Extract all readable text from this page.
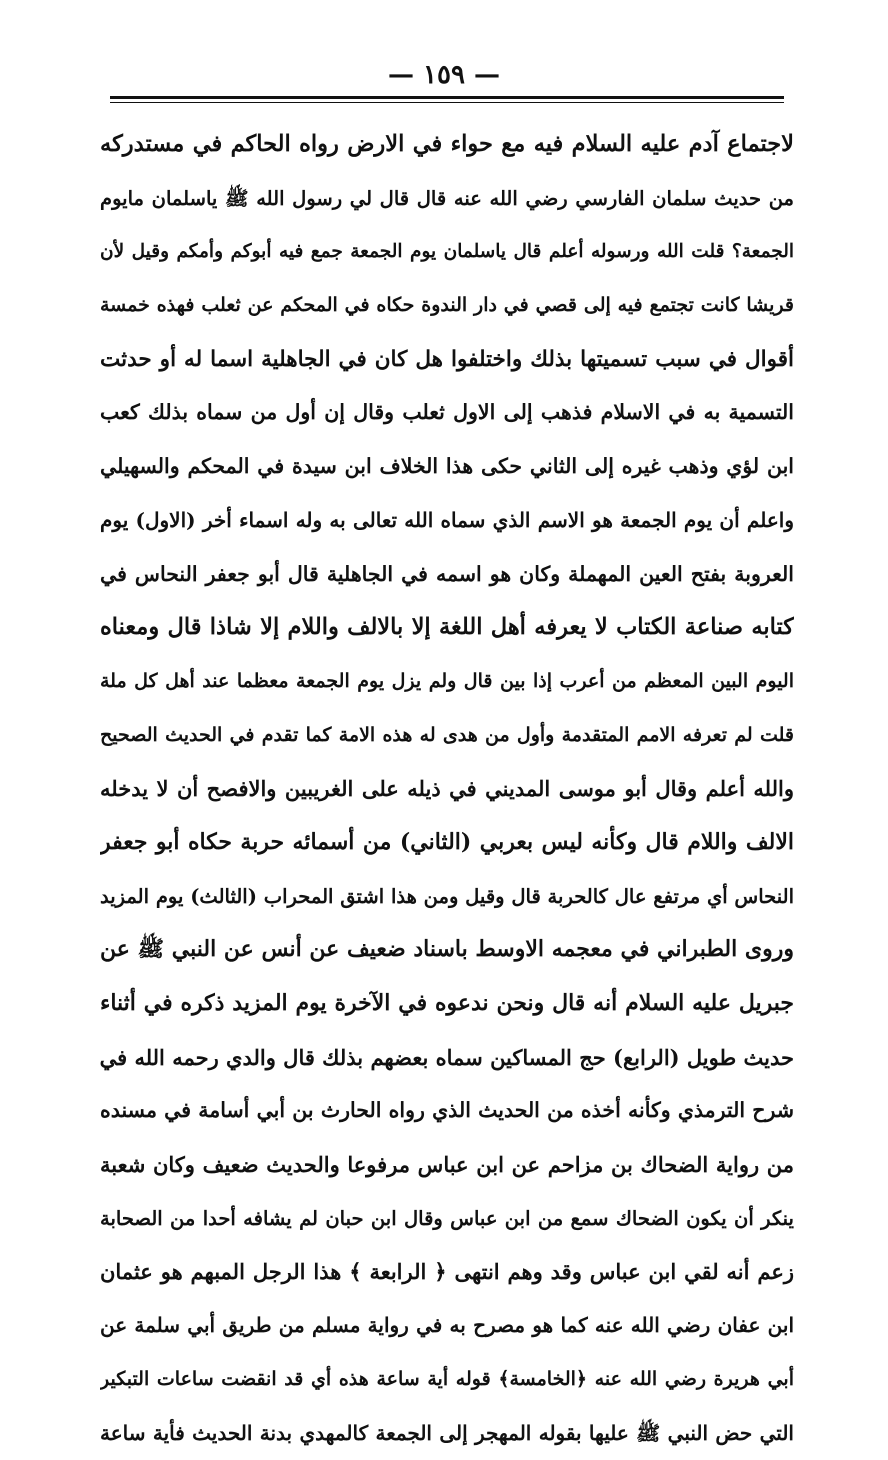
— ١٥٩ —
لاجتماع آدم عليه السلام فيه مع حواء في الارض رواه الحاكم في مستدركه
من حديث سلمان الفارسي رضي الله عنه قال قال لي رسول الله ﷺ ياسلمان مايوم
الجمعة؟ قلت الله ورسوله أعلم قال ياسلمان يوم الجمعة جمع فيه أبوكم وأمكم وقيل لأن
قريشا كانت تجتمع فيه إلى قصي في دار الندوة حكاه في المحكم عن ثعلب فهذه خمسة
أقوال في سبب تسميتها بذلك واختلفوا هل كان في الجاهلية اسما له أو حدثت
التسمية به في الاسلام فذهب إلى الاول ثعلب وقال إن أول من سماه بذلك كعب
ابن لؤي وذهب غيره إلى الثاني حكى هذا الخلاف ابن سيدة في المحكم والسهيلي
واعلم أن يوم الجمعة هو الاسم الذي سماه الله تعالى به وله اسماء أخر (الاول) يوم
العروبة بفتح العين المهملة وكان هو اسمه في الجاهلية قال أبو جعفر النحاس في
كتابه صناعة الكتاب لا يعرفه أهل اللغة إلا بالالف واللام إلا شاذا قال ومعناه
اليوم البين المعظم من أعرب إذا بين قال ولم يزل يوم الجمعة معظما عند أهل كل ملة
قلت لم تعرفه الامم المتقدمة وأول من هدى له هذه الامة كما تقدم في الحديث الصحيح
والله أعلم وقال أبو موسى المديني في ذيله على الغريبين والافصح أن لا يدخله
الالف واللام قال وكأنه ليس بعربي (الثاني) من أسمائه حربة حكاه أبو جعفر
النحاس أي مرتفع عال كالحربة قال وقيل ومن هذا اشتق المحراب (الثالث) يوم المزيد
وروى الطبراني في معجمه الاوسط باسناد ضعيف عن أنس عن النبي ﷺ عن
جبريل عليه السلام أنه قال ونحن ندعوه في الآخرة يوم المزيد ذكره في أثناء
حديث طويل (الرابع) حج المساكين سماه بعضهم بذلك قال والدي رحمه الله في
شرح الترمذي وكأنه أخذه من الحديث الذي رواه الحارث بن أبي أسامة في مسنده
من رواية الضحاك بن مزاحم عن ابن عباس مرفوعا والحديث ضعيف وكان شعبة
ينكر أن يكون الضحاك سمع من ابن عباس وقال ابن حبان لم يشافه أحدا من الصحابة
زعم أنه لقي ابن عباس وقد وهم انتهى ﴿ الرابعة ﴾ هذا الرجل المبهم هو عثمان
ابن عفان رضي الله عنه كما هو مصرح به في رواية مسلم من طريق أبي سلمة عن
أبي هريرة رضي الله عنه ﴿الخامسة﴾ قوله أية ساعة هذه أي قد انقضت ساعات التبكير
التي حض النبي ﷺ عليها بقوله المهجر إلى الجمعة كالمهدي بدنة الحديث فأية ساعة
